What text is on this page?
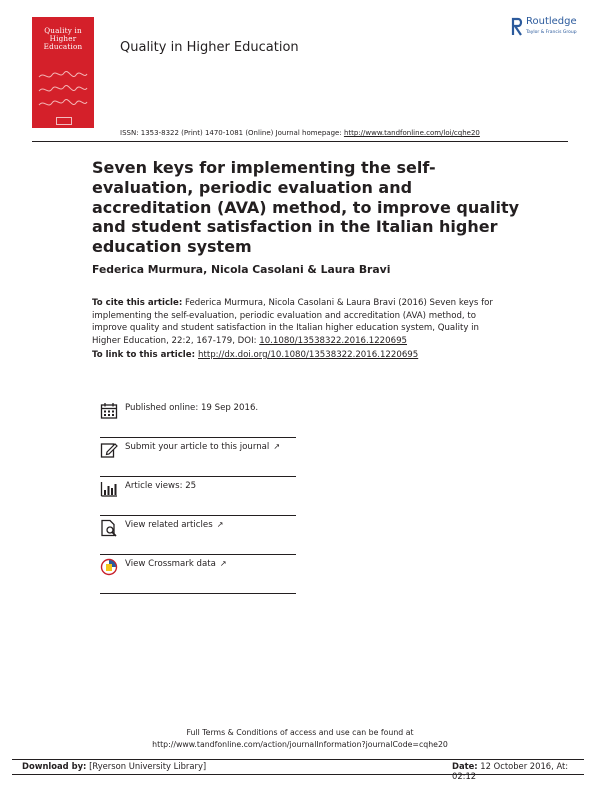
Quality in
Higher
Education	Quality in Higher Education
Routledge
Taylor & Francis Group
ISSN: 1353-8322 (Print) 1470-1081 (Online) Journal homepage: http://www.tandfonline.com/loi/cqhe20
Seven keys for implementing the self-evaluation, periodic evaluation and accreditation (AVA) method, to improve quality and student satisfaction in the Italian higher education system
Federica Murmura, Nicola Casolani & Laura Bravi
To cite this article: Federica Murmura, Nicola Casolani & Laura Bravi (2016) Seven keys for implementing the self-evaluation, periodic evaluation and accreditation (AVA) method, to improve quality and student satisfaction in the Italian higher education system, Quality in Higher Education, 22:2, 167-179, DOI: 10.1080/13538322.2016.1220695
To link to this article: http://dx.doi.org/10.1080/13538322.2016.1220695
Published online: 19 Sep 2016.
Submit your article to this journal ↗
Article views: 25
View related articles ↗
View Crossmark data ↗
Full Terms & Conditions of access and use can be found at
http://www.tandfonline.com/action/journalInformation?journalCode=cqhe20
Download by: [Ryerson University Library]	Date: 12 October 2016, At: 02:12
